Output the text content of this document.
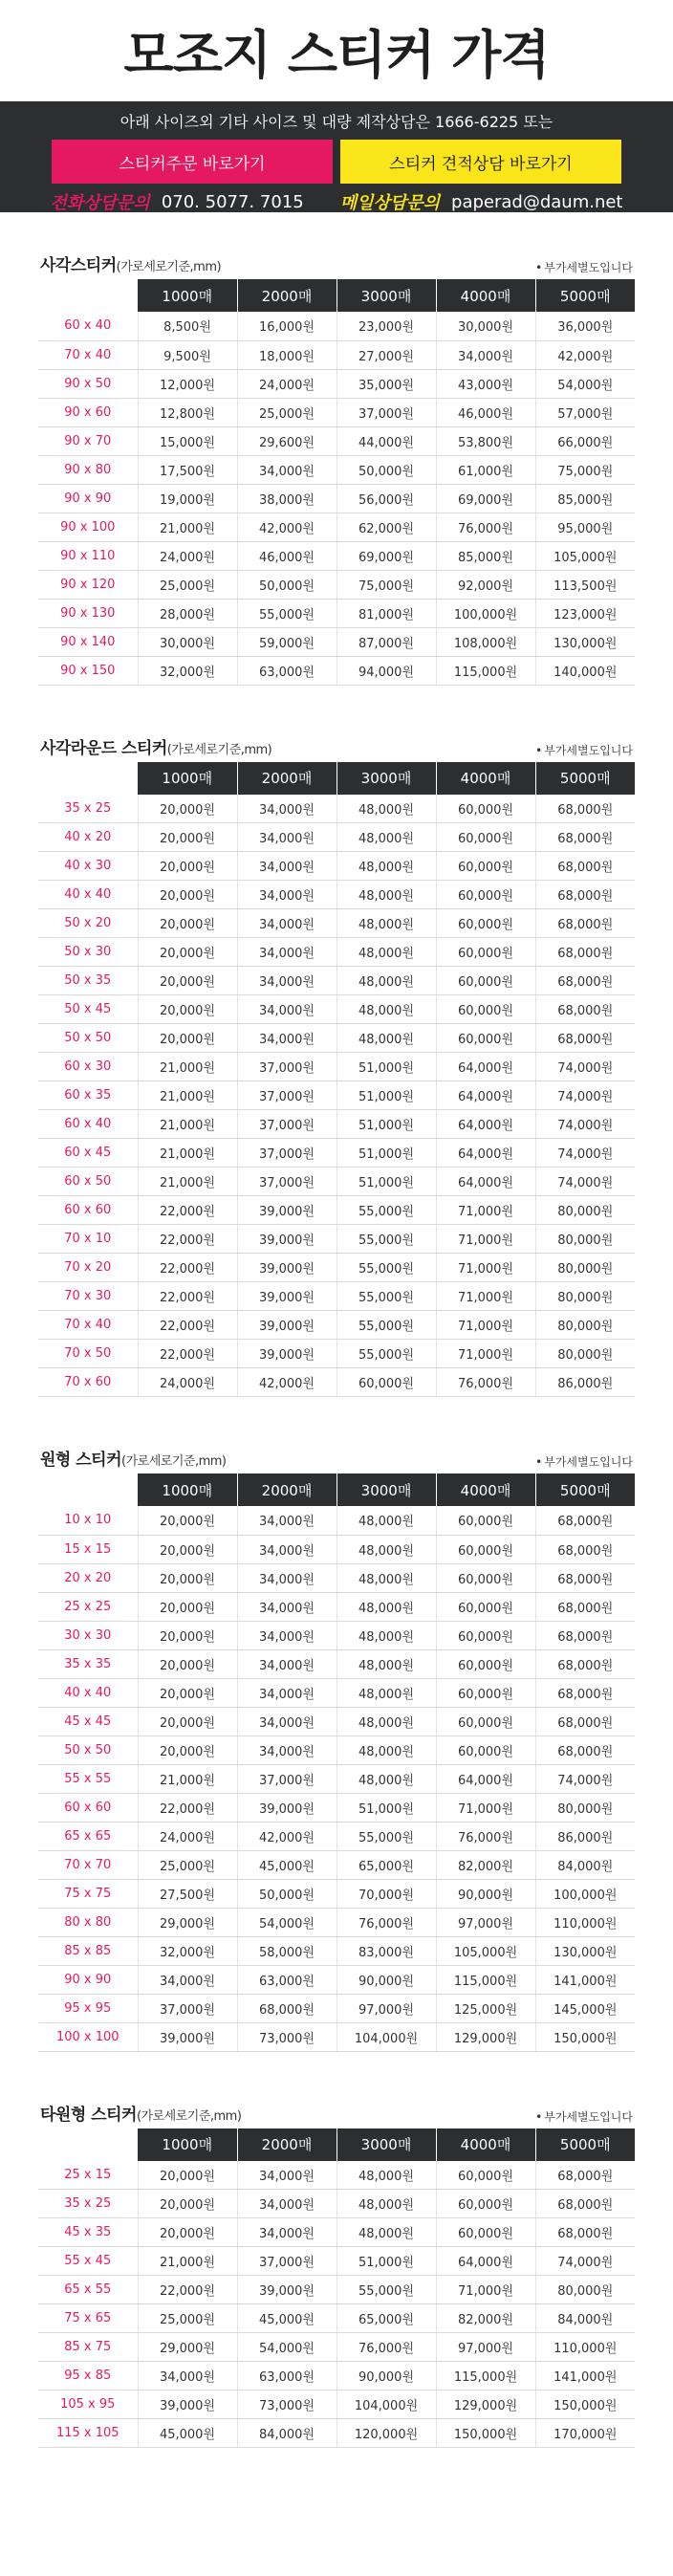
모조지 스티커 가격
아래 사이즈외 기타 사이즈 및 대량 제작상담은 1666-6225 또는
스티커주문 바로가기	스티커 견적상담 바로가기
전화상담문의 070. 5077. 7015 메일상담문의 paperad@daum.net
사각스티커(가로세로기준,mm)	• 부가세별도입니다
	1000매	2000매	3000매	4000매	5000매
60 x 40	8,500원	16,000원	23,000원	30,000원	36,000원
70 x 40	9,500원	18,000원	27,000원	34,000원	42,000원
90 x 50	12,000원	24,000원	35,000원	43,000원	54,000원
90 x 60	12,800원	25,000원	37,000원	46,000원	57,000원
90 x 70	15,000원	29,600원	44,000원	53,800원	66,000원
90 x 80	17,500원	34,000원	50,000원	61,000원	75,000원
90 x 90	19,000원	38,000원	56,000원	69,000원	85,000원
90 x 100	21,000원	42,000원	62,000원	76,000원	95,000원
90 x 110	24,000원	46,000원	69,000원	85,000원	105,000원
90 x 120	25,000원	50,000원	75,000원	92,000원	113,500원
90 x 130	28,000원	55,000원	81,000원	100,000원	123,000원
90 x 140	30,000원	59,000원	87,000원	108,000원	130,000원
90 x 150	32,000원	63,000원	94,000원	115,000원	140,000원
사각라운드 스티커(가로세로기준,mm)	• 부가세별도입니다
	1000매	2000매	3000매	4000매	5000매
35 x 25	20,000원	34,000원	48,000원	60,000원	68,000원
40 x 20	20,000원	34,000원	48,000원	60,000원	68,000원
40 x 30	20,000원	34,000원	48,000원	60,000원	68,000원
40 x 40	20,000원	34,000원	48,000원	60,000원	68,000원
50 x 20	20,000원	34,000원	48,000원	60,000원	68,000원
50 x 30	20,000원	34,000원	48,000원	60,000원	68,000원
50 x 35	20,000원	34,000원	48,000원	60,000원	68,000원
50 x 45	20,000원	34,000원	48,000원	60,000원	68,000원
50 x 50	20,000원	34,000원	48,000원	60,000원	68,000원
60 x 30	21,000원	37,000원	51,000원	64,000원	74,000원
60 x 35	21,000원	37,000원	51,000원	64,000원	74,000원
60 x 40	21,000원	37,000원	51,000원	64,000원	74,000원
60 x 45	21,000원	37,000원	51,000원	64,000원	74,000원
60 x 50	21,000원	37,000원	51,000원	64,000원	74,000원
60 x 60	22,000원	39,000원	55,000원	71,000원	80,000원
70 x 10	22,000원	39,000원	55,000원	71,000원	80,000원
70 x 20	22,000원	39,000원	55,000원	71,000원	80,000원
70 x 30	22,000원	39,000원	55,000원	71,000원	80,000원
70 x 40	22,000원	39,000원	55,000원	71,000원	80,000원
70 x 50	22,000원	39,000원	55,000원	71,000원	80,000원
70 x 60	24,000원	42,000원	60,000원	76,000원	86,000원
원형 스티커(가로세로기준,mm)	• 부가세별도입니다
	1000매	2000매	3000매	4000매	5000매
10 x 10	20,000원	34,000원	48,000원	60,000원	68,000원
15 x 15	20,000원	34,000원	48,000원	60,000원	68,000원
20 x 20	20,000원	34,000원	48,000원	60,000원	68,000원
25 x 25	20,000원	34,000원	48,000원	60,000원	68,000원
30 x 30	20,000원	34,000원	48,000원	60,000원	68,000원
35 x 35	20,000원	34,000원	48,000원	60,000원	68,000원
40 x 40	20,000원	34,000원	48,000원	60,000원	68,000원
45 x 45	20,000원	34,000원	48,000원	60,000원	68,000원
50 x 50	20,000원	34,000원	48,000원	60,000원	68,000원
55 x 55	21,000원	37,000원	48,000원	64,000원	74,000원
60 x 60	22,000원	39,000원	51,000원	71,000원	80,000원
65 x 65	24,000원	42,000원	55,000원	76,000원	86,000원
70 x 70	25,000원	45,000원	65,000원	82,000원	84,000원
75 x 75	27,500원	50,000원	70,000원	90,000원	100,000원
80 x 80	29,000원	54,000원	76,000원	97,000원	110,000원
85 x 85	32,000원	58,000원	83,000원	105,000원	130,000원
90 x 90	34,000원	63,000원	90,000원	115,000원	141,000원
95 x 95	37,000원	68,000원	97,000원	125,000원	145,000원
100 x 100	39,000원	73,000원	104,000원	129,000원	150,000원
타원형 스티커(가로세로기준,mm)	• 부가세별도입니다
	1000매	2000매	3000매	4000매	5000매
25 x 15	20,000원	34,000원	48,000원	60,000원	68,000원
35 x 25	20,000원	34,000원	48,000원	60,000원	68,000원
45 x 35	20,000원	34,000원	48,000원	60,000원	68,000원
55 x 45	21,000원	37,000원	51,000원	64,000원	74,000원
65 x 55	22,000원	39,000원	55,000원	71,000원	80,000원
75 x 65	25,000원	45,000원	65,000원	82,000원	84,000원
85 x 75	29,000원	54,000원	76,000원	97,000원	110,000원
95 x 85	34,000원	63,000원	90,000원	115,000원	141,000원
105 x 95	39,000원	73,000원	104,000원	129,000원	150,000원
115 x 105	45,000원	84,000원	120,000원	150,000원	170,000원
